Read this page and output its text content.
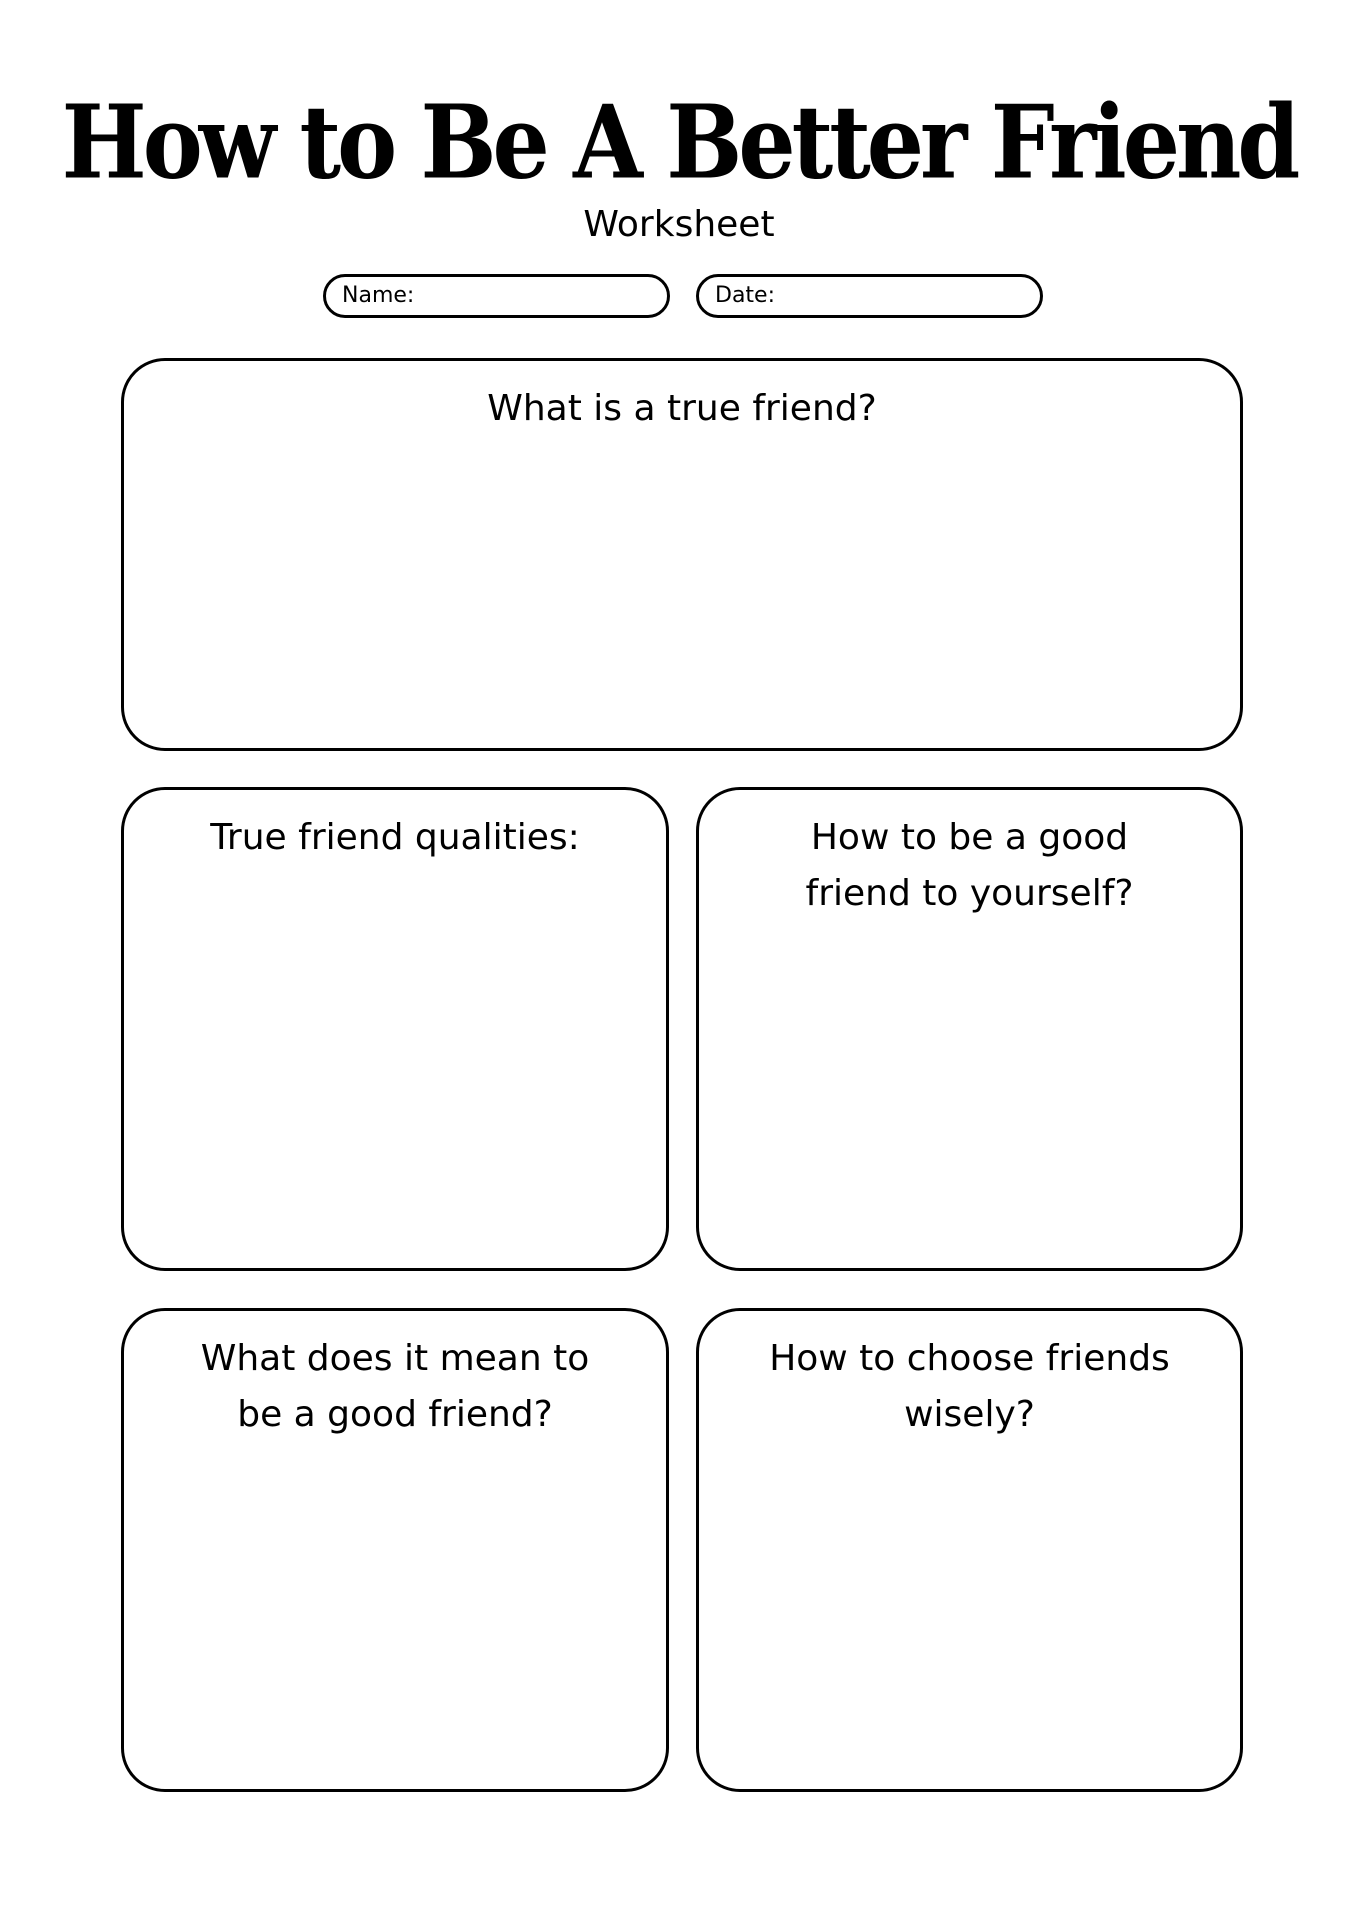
How to Be A Better Friend
Worksheet
Name:	Date:
What is a true friend?
True friend qualities:	How to be a good
friend to yourself?
What does it mean to
be a good friend?
How to choose friends
wisely?
